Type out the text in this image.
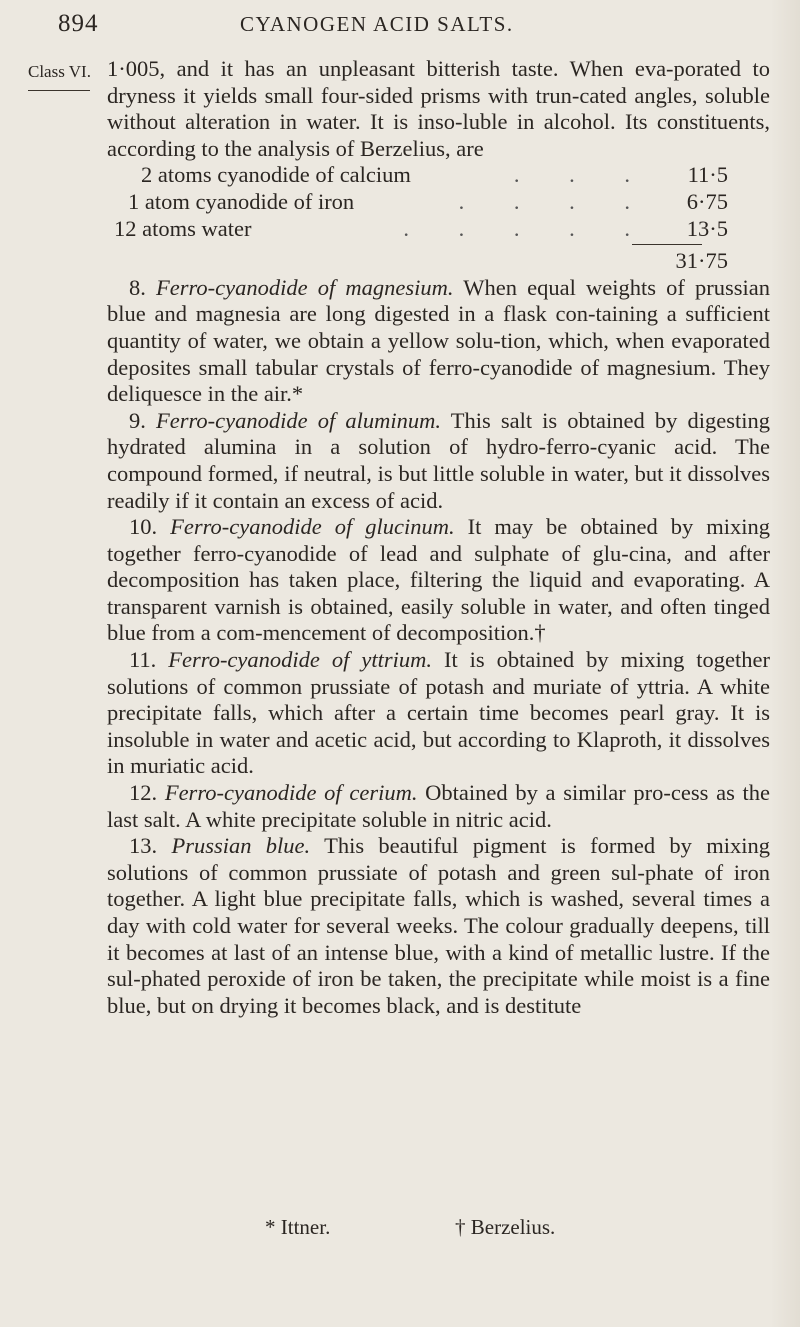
894	CYANOGEN ACID SALTS.
Class VI. 1·005, and it has an unpleasant bitterish taste. When eva-porated to dryness it yields small four-sided prisms with trun-cated angles, soluble without alteration in water. It is inso-luble in alcohol. Its constituents, according to the analysis of Berzelius, are

2 atoms cyanodide of calcium	. . .	11·5
1 atom cyanodide of iron	. . . .	6·75
12 atoms water	. . . . .	13·5
31·75

8. Ferro-cyanodide of magnesium. When equal weights of prussian blue and magnesia are long digested in a flask con-taining a sufficient quantity of water, we obtain a yellow solu-tion, which, when evaporated deposites small tabular crystals of ferro-cyanodide of magnesium. They deliquesce in the air.*

9. Ferro-cyanodide of aluminum. This salt is obtained by digesting hydrated alumina in a solution of hydro-ferro-cyanic acid. The compound formed, if neutral, is but little soluble in water, but it dissolves readily if it contain an excess of acid.

10. Ferro-cyanodide of glucinum. It may be obtained by mixing together ferro-cyanodide of lead and sulphate of glu-cina, and after decomposition has taken place, filtering the liquid and evaporating. A transparent varnish is obtained, easily soluble in water, and often tinged blue from a com-mencement of decomposition.†

11. Ferro-cyanodide of yttrium. It is obtained by mixing together solutions of common prussiate of potash and muriate of yttria. A white precipitate falls, which after a certain time becomes pearl gray. It is insoluble in water and acetic acid, but according to Klaproth, it dissolves in muriatic acid.

12. Ferro-cyanodide of cerium. Obtained by a similar pro-cess as the last salt. A white precipitate soluble in nitric acid.

13. Prussian blue. This beautiful pigment is formed by mixing solutions of common prussiate of potash and green sul-phate of iron together. A light blue precipitate falls, which is washed, several times a day with cold water for several weeks. The colour gradually deepens, till it becomes at last of an intense blue, with a kind of metallic lustre. If the sul-phated peroxide of iron be taken, the precipitate while moist is a fine blue, but on drying it becomes black, and is destitute

* Ittner.	† Berzelius.
